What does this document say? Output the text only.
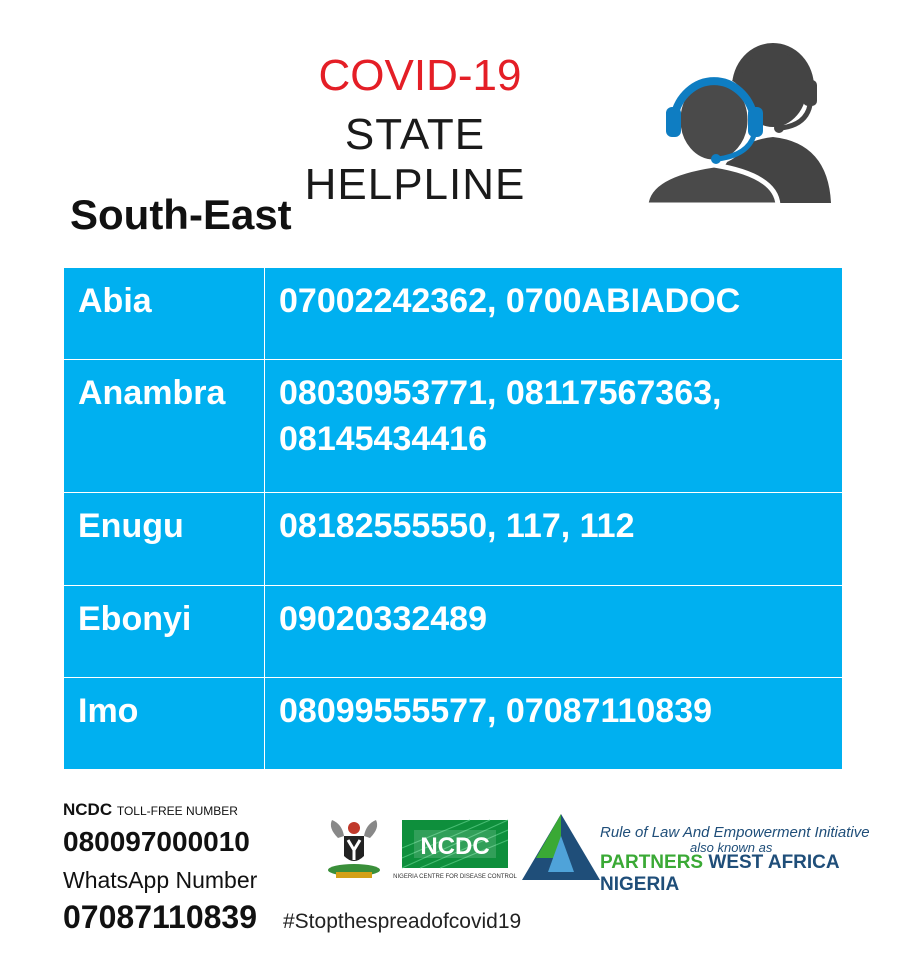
COVID-19
STATE HELPLINE
South-East
Abia	07002242362, 0700ABIADOC

Anambra	08030953771, 08117567363,
08145434416

Enugu	08182555550, 117, 112

Ebonyi	09020332489

Imo	08099555577, 07087110839
NCDC TOLL-FREE NUMBER
080097000010
WhatsApp Number
07087110839 #Stopthespreadofcovid19
NCDC
NIGERIA CENTRE FOR DISEASE CONTROL
Rule of Law And Empowerment Initiative
also known as
PARTNERS WEST AFRICA NIGERIA
